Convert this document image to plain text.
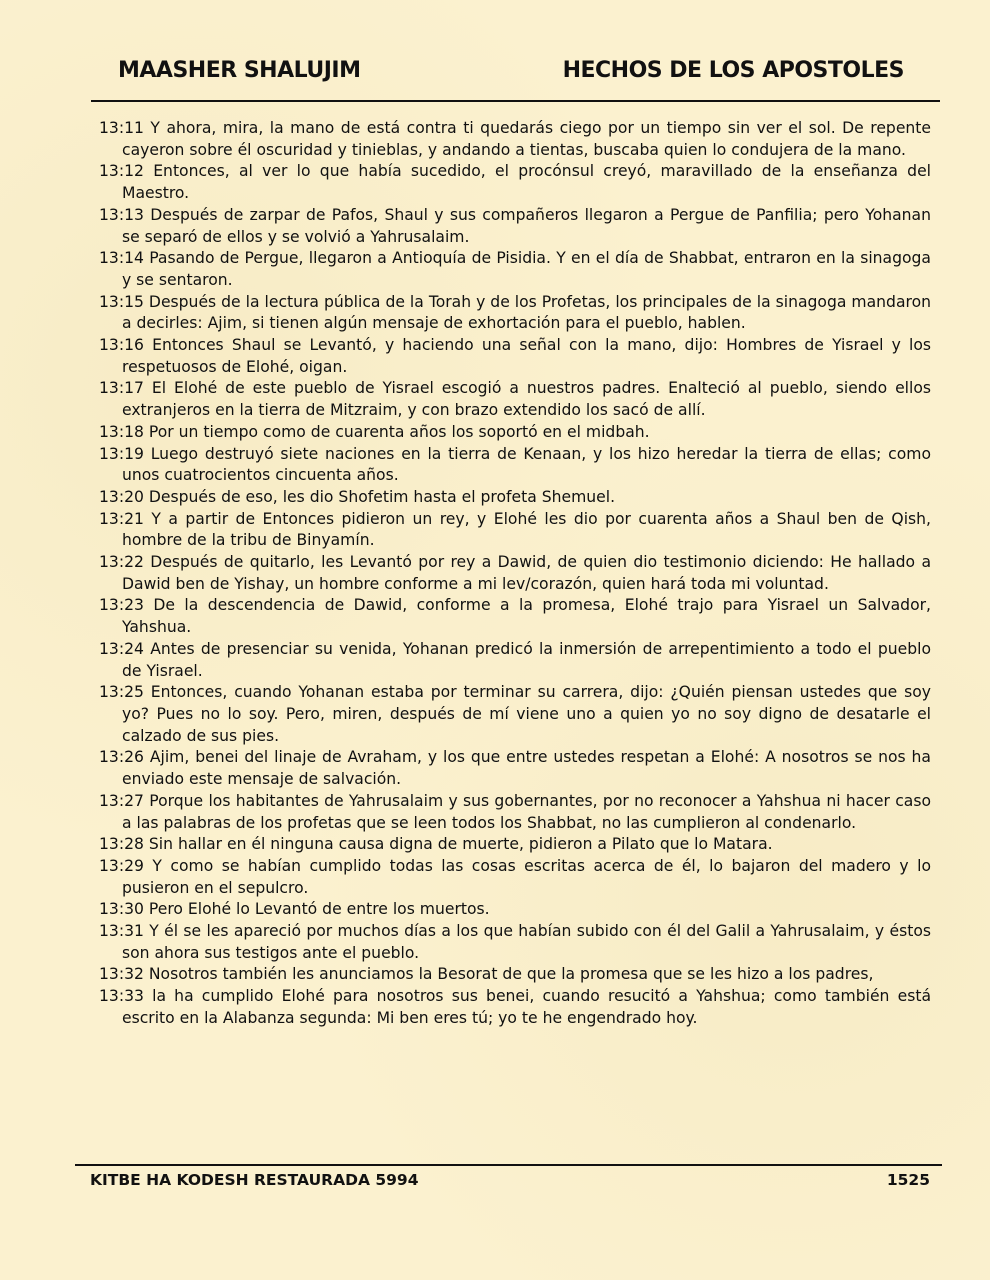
MAASHER SHALUJIM	HECHOS DE LOS APOSTOLES

13:11 Y ahora, mira, la mano de está contra ti quedarás ciego por un tiempo sin ver el sol. De repente cayeron sobre él oscuridad y tinieblas, y andando a tientas, buscaba quien lo condujera de la mano.

13:12 Entonces, al ver lo que había sucedido, el procónsul creyó, maravillado de la enseñanza del Maestro.

13:13 Después de zarpar de Pafos, Shaul y sus compañeros llegaron a Pergue de Panfilia; pero Yohanan se separó de ellos y se volvió a Yahrusalaim.

13:14 Pasando de Pergue, llegaron a Antioquía de Pisidia. Y en el día de Shabbat, entraron en la sinagoga y se sentaron.

13:15 Después de la lectura pública de la Torah y de los Profetas, los principales de la sinagoga mandaron a decirles: Ajim, si tienen algún mensaje de exhortación para el pueblo, hablen.

13:16 Entonces Shaul se Levantó, y haciendo una señal con la mano, dijo: Hombres de Yisrael y los respetuosos de Elohé, oigan.

13:17 El Elohé de este pueblo de Yisrael escogió a nuestros padres. Enalteció al pueblo, siendo ellos extranjeros en la tierra de Mitzraim, y con brazo extendido los sacó de allí.

13:18 Por un tiempo como de cuarenta años los soportó en el midbah.

13:19 Luego destruyó siete naciones en la tierra de Kenaan, y los hizo heredar la tierra de ellas; como unos cuatrocientos cincuenta años.

13:20 Después de eso, les dio Shofetim hasta el profeta Shemuel.

13:21 Y a partir de Entonces pidieron un rey, y Elohé les dio por cuarenta años a Shaul ben de Qish, hombre de la tribu de Binyamín.

13:22 Después de quitarlo, les Levantó por rey a Dawid, de quien dio testimonio diciendo: He hallado a Dawid ben de Yishay, un hombre conforme a mi lev/corazón, quien hará toda mi voluntad.

13:23 De la descendencia de Dawid, conforme a la promesa, Elohé trajo para Yisrael un Salvador, Yahshua.

13:24 Antes de presenciar su venida, Yohanan predicó la inmersión de arrepentimiento a todo el pueblo de Yisrael.

13:25 Entonces, cuando Yohanan estaba por terminar su carrera, dijo: ¿Quién piensan ustedes que soy yo? Pues no lo soy. Pero, miren, después de mí viene uno a quien yo no soy digno de desatarle el calzado de sus pies.

13:26 Ajim, benei del linaje de Avraham, y los que entre ustedes respetan a Elohé: A nosotros se nos ha enviado este mensaje de salvación.

13:27 Porque los habitantes de Yahrusalaim y sus gobernantes, por no reconocer a Yahshua ni hacer caso a las palabras de los profetas que se leen todos los Shabbat, no las cumplieron al condenarlo.

13:28 Sin hallar en él ninguna causa digna de muerte, pidieron a Pilato que lo Matara.

13:29 Y como se habían cumplido todas las cosas escritas acerca de él, lo bajaron del madero y lo pusieron en el sepulcro.

13:30 Pero Elohé lo Levantó de entre los muertos.

13:31 Y él se les apareció por muchos días a los que habían subido con él del Galil a Yahrusalaim, y éstos son ahora sus testigos ante el pueblo.

13:32 Nosotros también les anunciamos la Besorat de que la promesa que se les hizo a los padres,

13:33 la ha cumplido Elohé para nosotros sus benei, cuando resucitó a Yahshua; como también está escrito en la Alabanza segunda: Mi ben eres tú; yo te he engendrado hoy.

KITBE HA KODESH RESTAURADA 5994	1525
